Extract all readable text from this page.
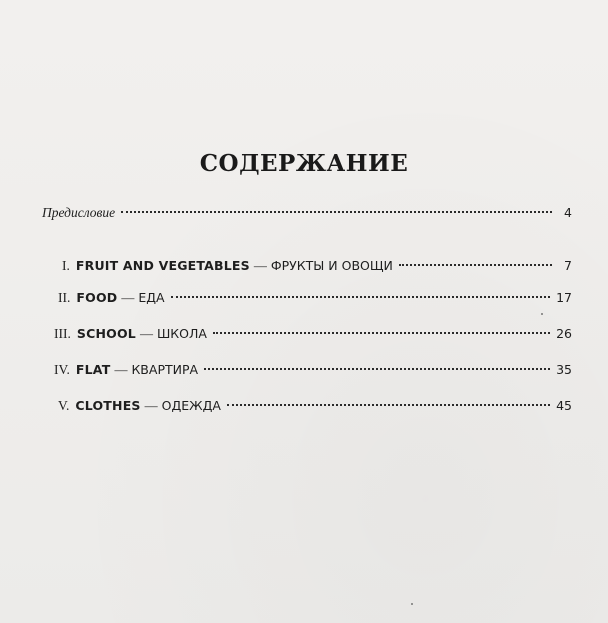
СОДЕРЖАНИЕ
Предисловие	4
I. FRUIT AND VEGETABLES — ФРУКТЫ И ОВОЩИ	7
II. FOOD — ЕДА	17
III. SCHOOL — ШКОЛА	26
IV. FLAT — КВАРТИРА	35
V. CLOTHES — ОДЕЖДА	45
